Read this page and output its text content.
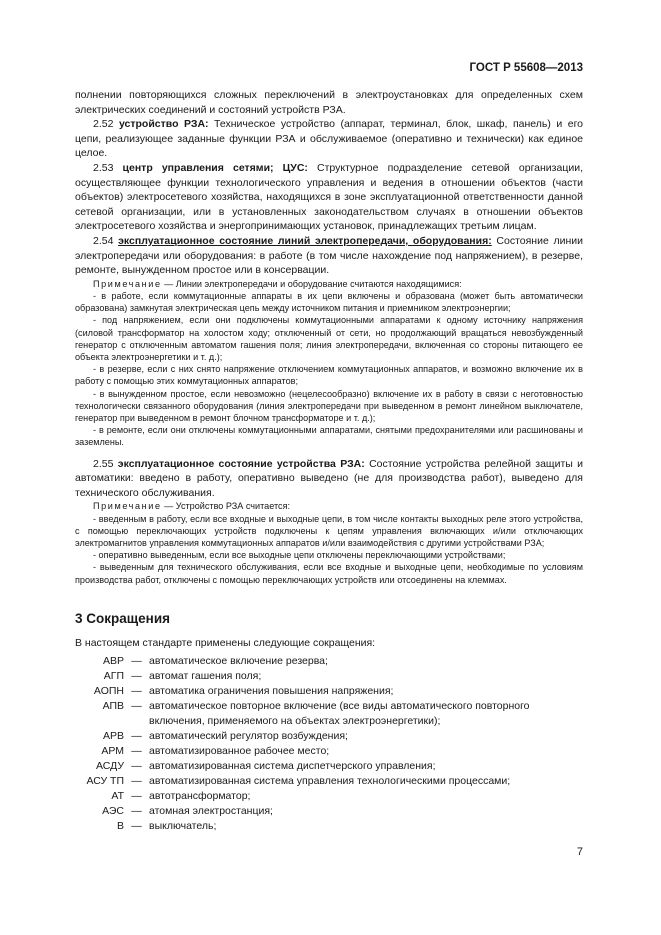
ГОСТ Р 55608—2013

полнении повторяющихся сложных переключений в электроустановках для определенных схем электрических соединений и состояний устройств РЗА.

2.52 устройство РЗА: Техническое устройство (аппарат, терминал, блок, шкаф, панель) и его цепи, реализующее заданные функции РЗА и обслуживаемое (оперативно и технически) как единое целое.

2.53 центр управления сетями; ЦУС: Структурное подразделение сетевой организации, осуществляющее функции технологического управления и ведения в отношении объектов (части объектов) электросетевого хозяйства, находящихся в зоне эксплуатационной ответственности данной сетевой организации, или в установленных законодательством случаях в отношении объектов электросетевого хозяйства и энергопринимающих установок, принадлежащих третьим лицам.

2.54 эксплуатационное состояние линий электропередачи, оборудования: Состояние линии электропередачи или оборудования: в работе (в том числе нахождение под напряжением), в резерве, ремонте, вынужденном простое или в консервации.

Примечание — Линии электропередачи и оборудование считаются находящимися:

- в работе, если коммутационные аппараты в их цепи включены и образована (может быть автоматически образована) замкнутая электрическая цепь между источником питания и приемником электроэнергии;

- под напряжением, если они подключены коммутационными аппаратами к одному источнику напряжения (силовой трансформатор на холостом ходу; отключенный от сети, но продолжающий вращаться невозбужденный генератор с отключенным автоматом гашения поля; линия электропередачи, включенная со стороны питающего ее объекта электроэнергетики и т. д.);

- в резерве, если с них снято напряжение отключением коммутационных аппаратов, и возможно включение их в работу с помощью этих коммутационных аппаратов;

- в вынужденном простое, если невозможно (нецелесообразно) включение их в работу в связи с неготовностью технологически связанного оборудования (линия электропередачи при выведенном в ремонт линейном выключателе, генератор при выведенном в ремонт блочном трансформаторе и т. д.);

- в ремонте, если они отключены коммутационными аппаратами, снятыми предохранителями или расшинованы и заземлены.

2.55 эксплуатационное состояние устройства РЗА: Состояние устройства релейной защиты и автоматики: введено в работу, оперативно выведено (не для производства работ), выведено для технического обслуживания.

Примечание — Устройство РЗА считается:

- введенным в работу, если все входные и выходные цепи, в том числе контакты выходных реле этого устройства, с помощью переключающих устройств подключены к цепям управления включающих и/или отключающих электромагнитов управления коммутационных аппаратов и/или взаимодействия с другими устройствами РЗА;

- оперативно выведенным, если все выходные цепи отключены переключающими устройствами;

- выведенным для технического обслуживания, если все входные и выходные цепи, необходимые по условиям производства работ, отключены с помощью переключающих устройств или отсоединены на клеммах.

3 Сокращения

В настоящем стандарте применены следующие сокращения:

АВР — автоматическое включение резерва;
АГП — автомат гашения поля;
АОПН — автоматика ограничения повышения напряжения;
АПВ — автоматическое повторное включение (все виды автоматического повторного включения, применяемого на объектах электроэнергетики);
АРВ — автоматический регулятор возбуждения;
АРМ — автоматизированное рабочее место;
АСДУ — автоматизированная система диспетчерского управления;
АСУ ТП — автоматизированная система управления технологическими процессами;
АТ — автотрансформатор;
АЭС — атомная электростанция;
В — выключатель;
7
